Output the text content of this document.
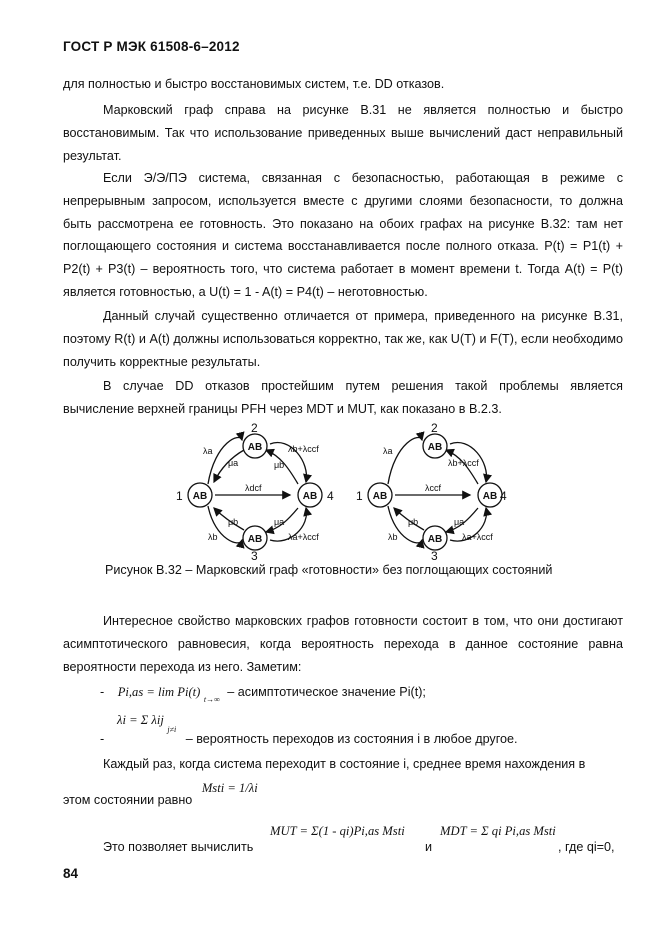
ГОСТ Р МЭК 61508-6–2012

для полностью и быстро восстановимых систем, т.е. DD отказов.

Марковский граф справа на рисунке В.31 не является полностью и быстро восстановимым. Так что использование приведенных выше вычислений даст неправильный результат.

Если Э/Э/ПЭ система, связанная с безопасностью, работающая в режиме с непрерывным запросом, используется вместе с другими слоями безопасности, то должна быть рассмотрена ее готовность. Это показано на обоих графах на рисунке В.32: там нет поглощающего состояния и система восстанавливается после полного отказа. P(t) = P1(t) + P2(t) + P3(t) – вероятность того, что система работает в момент времени t. Тогда A(t) = P(t) является готовностью, а U(t) = 1 - A(t) = P4(t) – неготовностью.

Данный случай существенно отличается от примера, приведенного на рисунке В.31, поэтому R(t) и A(t) должны использоваться корректно, так же, как U(T) и F(T), если необходимо получить корректные результаты.

В случае DD отказов простейшим путем решения такой проблемы является вычисление верхней границы PFH через MDT и MUT, как показано в В.2.3.

AB
AB	AB
AB
2
1	4
3
λa
μa
λb+λccf
μb
λdcf
μb
λb
μa
λa+λccf
AB
AB	AB
AB
2
1	4
3
λa
λb+λccf
λccf
μb
λb
μa
λa+λccf
Рисунок В.32 – Марковский граф «готовности» без поглощающих состояний

Интересное свойство марковских графов готовности состоит в том, что они достигают асимптотического равновесия, когда вероятность перехода в данное состояние равна вероятности перехода из него. Заметим:

- Pi,as = lim Pi(t) $_{t\to\infty}$ – асимптотическое значение Pi(t);
λi = Σ λij $_{j\ne i}$
-	– вероятность переходов из состояния i в любое другое.
Каждый раз, когда система переходит в состояние i, среднее время нахождения в
этом состоянии равно Msti = 1/λi
Это позволяет вычислить
MUT = Σ(1 - qi)Pi,as Msti
и
MDT = Σ qi Pi,as Msti
, где qi=0,
84
